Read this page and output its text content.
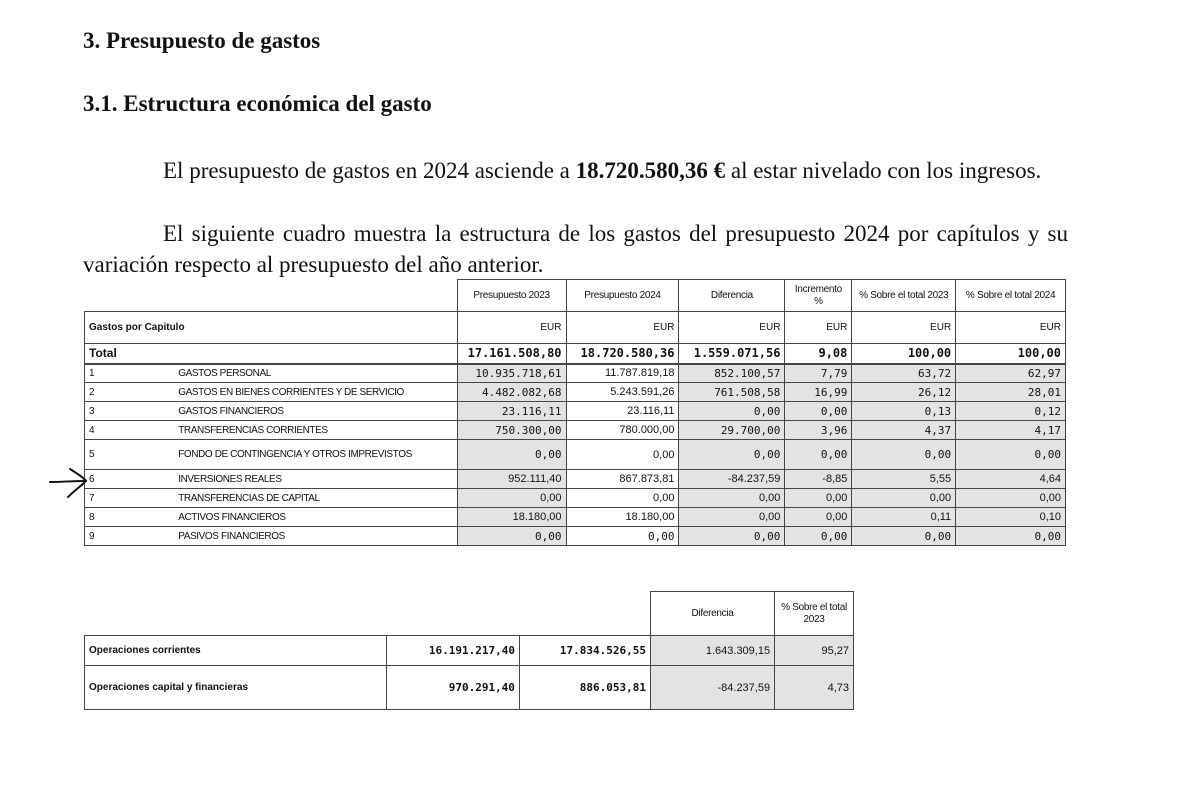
3. Presupuesto de gastos
3.1. Estructura económica del gasto
El presupuesto de gastos en 2024 asciende a 18.720.580,36 € al estar nivelado con los ingresos.
El siguiente cuadro muestra la estructura de los gastos del presupuesto 2024 por capítulos y su variación respecto al presupuesto del año anterior.
		Presupuesto 2023	Presupuesto 2024	Diferencia	Incremento %	% Sobre el total 2023	% Sobre el total 2024
Gastos por Capitulo		EUR	EUR	EUR	EUR	EUR	EUR
Total		17.161.508,80	18.720.580,36	1.559.071,56	9,08	100,00	100,00
1	GASTOS PERSONAL	10.935.718,61	11.787.819,18	852.100,57	7,79	63,72	62,97
2	GASTOS EN BIENES CORRIENTES Y DE SERVICIO	4.482.082,68	5.243.591,26	761.508,58	16,99	26,12	28,01
3	GASTOS FINANCIEROS	23.116,11	23.116,11	0,00	0,00	0,13	0,12
4	TRANSFERENCIAS CORRIENTES	750.300,00	780.000,00	29.700,00	3,96	4,37	4,17
5	FONDO DE CONTINGENCIA Y OTROS IMPREVISTOS	0,00	0,00	0,00	0,00	0,00	0,00
6	INVERSIONES REALES	952.111,40	867.873,81	-84.237,59	-8,85	5,55	4,64
7	TRANSFERENCIAS DE CAPITAL	0,00	0,00	0,00	0,00	0,00	0,00
8	ACTIVOS FINANCIEROS	18.180,00	18.180,00	0,00	0,00	0,11	0,10
9	PASIVOS FINANCIEROS	0,00	0,00	0,00	0,00	0,00	0,00
			Diferencia	% Sobre el total 2023
Operaciones corrientes	16.191.217,40	17.834.526,55	1.643.309,15	95,27
Operaciones capital y financieras	970.291,40	886.053,81	-84.237,59	4,73
